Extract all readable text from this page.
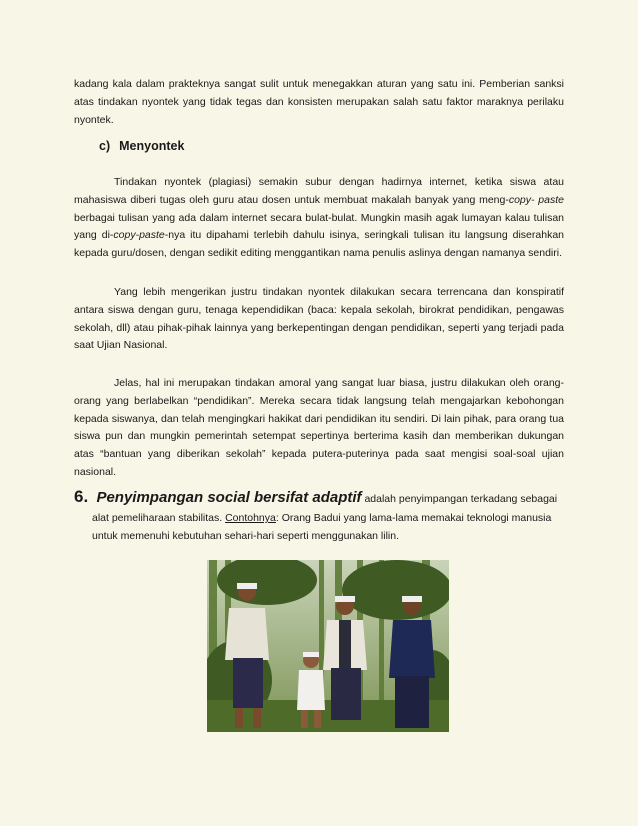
kadang kala dalam prakteknya sangat sulit untuk menegakkan aturan yang satu ini. Pemberian sanksi atas tindakan nyontek yang tidak tegas dan konsisten merupakan salah satu faktor maraknya perilaku nyontek.

c) Menyontek

Tindakan nyontek (plagiasi) semakin subur dengan hadirnya internet, ketika siswa atau mahasiswa diberi tugas oleh guru atau dosen untuk membuat makalah banyak yang meng-copy- paste berbagai tulisan yang ada dalam internet secara bulat-bulat. Mungkin masih agak lumayan kalau tulisan yang di-copy-paste-nya itu dipahami terlebih dahulu isinya, seringkali tulisan itu langsung diserahkan kepada guru/dosen, dengan sedikit editing menggantikan nama penulis aslinya dengan namanya sendiri.

Yang lebih mengerikan justru tindakan nyontek dilakukan secara terrencana dan konspiratif antara siswa dengan guru, tenaga kependidikan (baca: kepala sekolah, birokrat pendidikan, pengawas sekolah, dll) atau pihak-pihak lainnya yang berkepentingan dengan pendidikan, seperti yang terjadi pada saat Ujian Nasional.

Jelas, hal ini merupakan tindakan amoral yang sangat luar biasa, justru dilakukan oleh orang-orang yang berlabelkan “pendidikan”. Mereka secara tidak langsung telah mengajarkan kebohongan kepada siswanya, dan telah mengingkari hakikat dari pendidikan itu sendiri. Di lain pihak, para orang tua siswa pun dan mungkin pemerintah setempat sepertinya berterima kasih dan memberikan dukungan atas “bantuan yang diberikan sekolah” kepada putera-puterinya pada saat mengisi soal-soal ujian nasional.

6. Penyimpangan social bersifat adaptif adalah penyimpangan terkadang sebagai
alat pemeliharaan stabilitas. Contohnya: Orang Badui yang lama-lama memakai teknologi manusia untuk memenuhi kebutuhan sehari-hari seperti menggunakan lilin.
